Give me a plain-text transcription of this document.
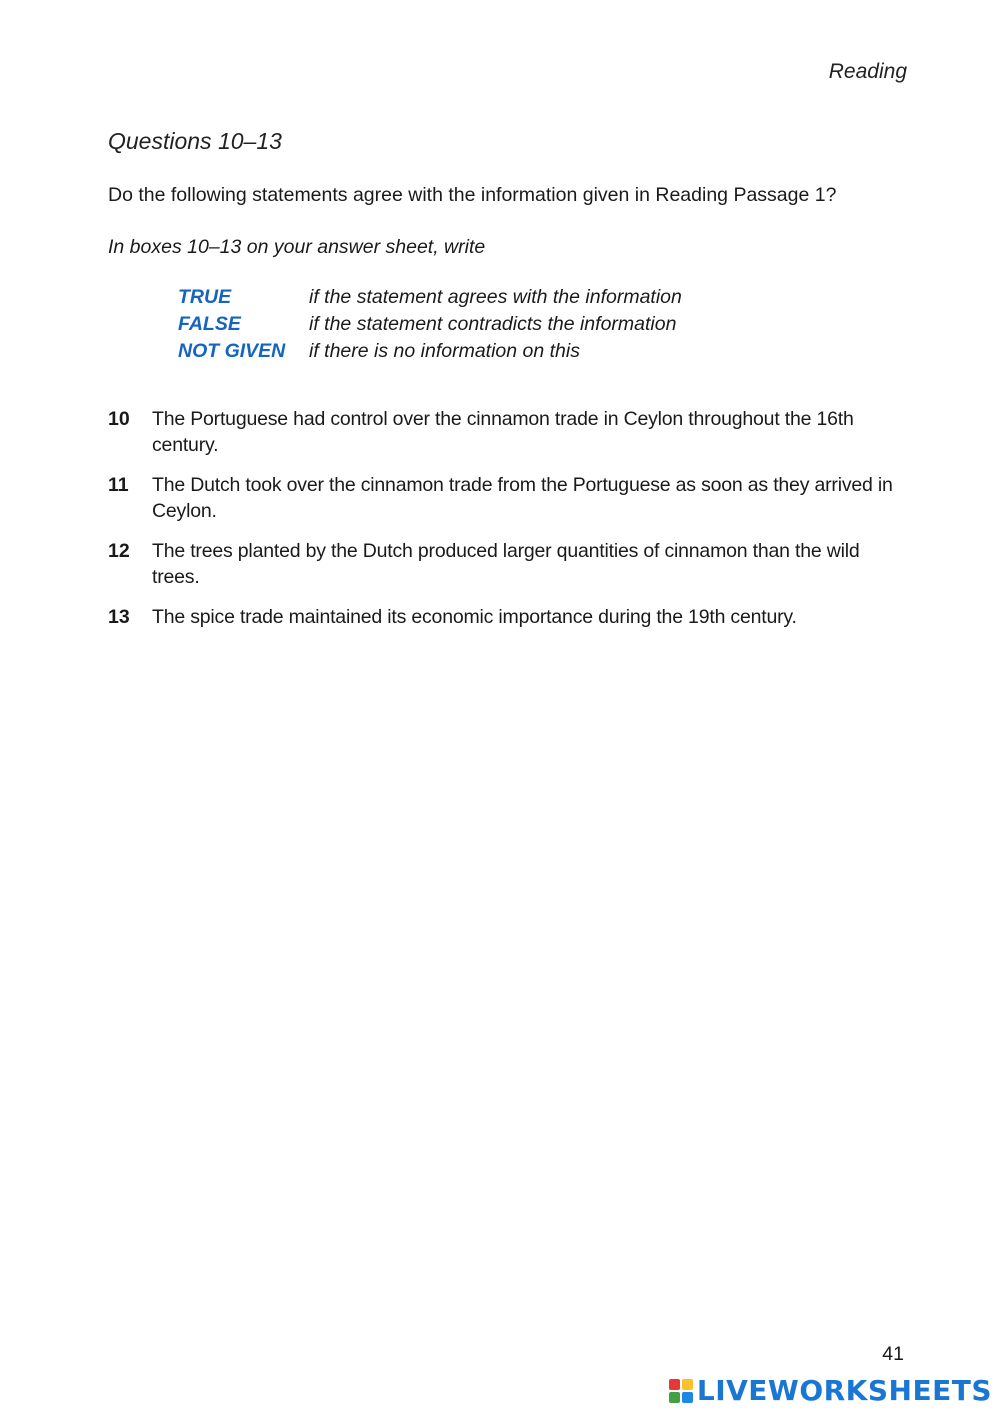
Reading
Questions 10–13
Do the following statements agree with the information given in Reading Passage 1?
In boxes 10–13 on your answer sheet, write
TRUE	if the statement agrees with the information
FALSE	if the statement contradicts the information
NOT GIVEN	if there is no information on this
10	The Portuguese had control over the cinnamon trade in Ceylon throughout the 16th century.
11	The Dutch took over the cinnamon trade from the Portuguese as soon as they arrived in Ceylon.
12	The trees planted by the Dutch produced larger quantities of cinnamon than the wild trees.
13	The spice trade maintained its economic importance during the 19th century.
41
LIVEWORKSHEETS
